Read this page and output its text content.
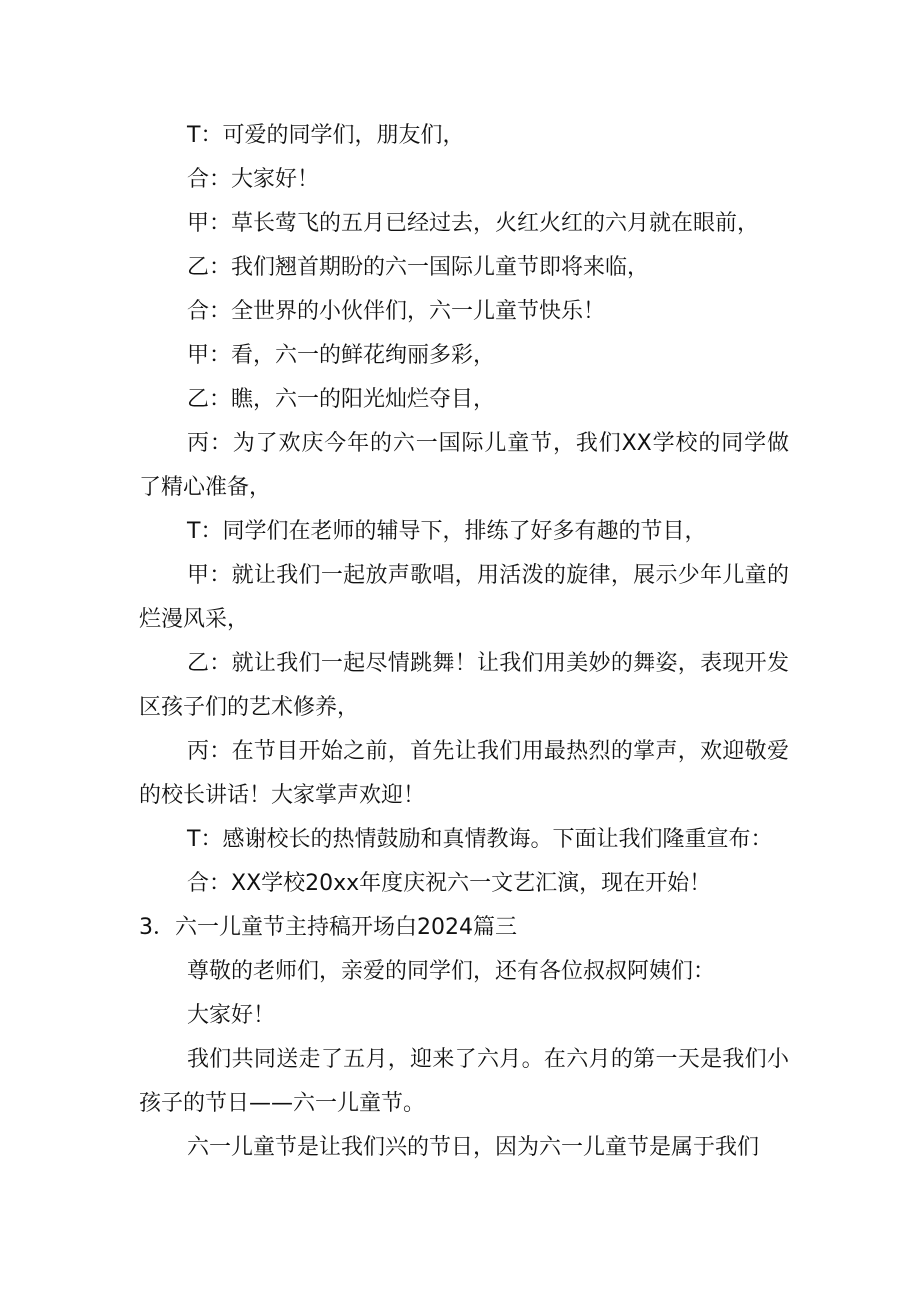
T：可爱的同学们，朋友们，

合：大家好！

甲：草长莺飞的五月已经过去，火红火红的六月就在眼前，

乙：我们翘首期盼的六一国际儿童节即将来临，

合：全世界的小伙伴们，六一儿童节快乐！

甲：看，六一的鲜花绚丽多彩，

乙：瞧，六一的阳光灿烂夺目，

丙：为了欢庆今年的六一国际儿童节，我们XX学校的同学做了精心准备，

T：同学们在老师的辅导下，排练了好多有趣的节目，

甲：就让我们一起放声歌唱，用活泼的旋律，展示少年儿童的烂漫风采，

乙：就让我们一起尽情跳舞！让我们用美妙的舞姿，表现开发区孩子们的艺术修养，

丙：在节目开始之前，首先让我们用最热烈的掌声，欢迎敬爱的校长讲话！大家掌声欢迎！

T：感谢校长的热情鼓励和真情教诲。下面让我们隆重宣布：

合：XX学校20xx年度庆祝六一文艺汇演，现在开始！

3．六一儿童节主持稿开场白2024篇三

尊敬的老师们，亲爱的同学们，还有各位叔叔阿姨们：

大家好！

我们共同送走了五月，迎来了六月。在六月的第一天是我们小孩子的节日——六一儿童节。

六一儿童节是让我们兴的节日，因为六一儿童节是属于我们
